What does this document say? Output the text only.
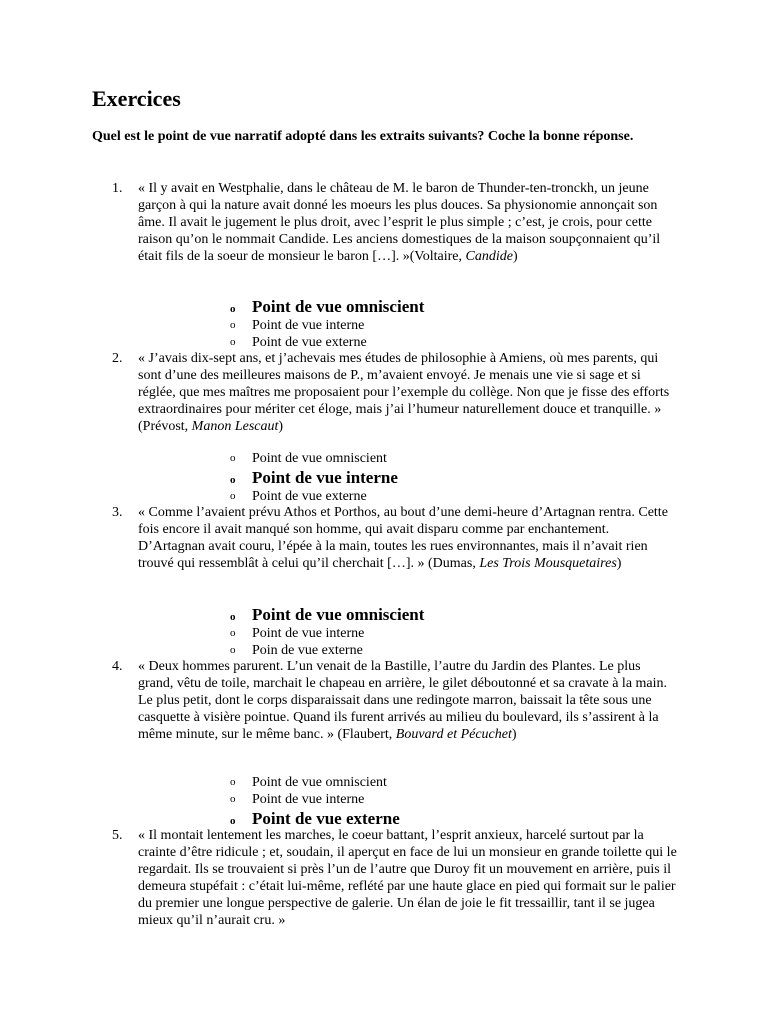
Exercices
Quel est le point de vue narratif adopté dans les extraits suivants? Coche la bonne réponse.
1. « Il y avait en Westphalie, dans le château de M. le baron de Thunder-ten-tronckh, un jeune garçon à qui la nature avait donné les moeurs les plus douces. Sa physionomie annonçait son âme. Il avait le jugement le plus droit, avec l’esprit le plus simple ; c’est, je crois, pour cette raison qu’on le nommait Candide. Les anciens domestiques de la maison soupçonnaient qu’il était fils de la soeur de monsieur le baron […]. »(Voltaire, Candide)
o Point de vue omniscient
o Point de vue interne
o Point de vue externe
2. « J’avais dix-sept ans, et j’achevais mes études de philosophie à Amiens, où mes parents, qui sont d’une des meilleures maisons de P., m’avaient envoyé. Je menais une vie si sage et si réglée, que mes maîtres me proposaient pour l’exemple du collège. Non que je fisse des efforts extraordinaires pour mériter cet éloge, mais j’ai l’humeur naturellement douce et tranquille. » (Prévost, Manon Lescaut)
o Point de vue omniscient
o Point de vue interne
o Point de vue externe
3. « Comme l’avaient prévu Athos et Porthos, au bout d’une demi-heure d’Artagnan rentra. Cette fois encore il avait manqué son homme, qui avait disparu comme par enchantement. D’Artagnan avait couru, l’épée à la main, toutes les rues environnantes, mais il n’avait rien trouvé qui ressemblât à celui qu’il cherchait […]. » (Dumas, Les Trois Mousquetaires)
o Point de vue omniscient
o Point de vue interne
o Poin de vue externe
4. « Deux hommes parurent. L’un venait de la Bastille, l’autre du Jardin des Plantes. Le plus grand, vêtu de toile, marchait le chapeau en arrière, le gilet déboutonné et sa cravate à la main. Le plus petit, dont le corps disparaissait dans une redingote marron, baissait la tête sous une casquette à visière pointue. Quand ils furent arrivés au milieu du boulevard, ils s’assirent à la même minute, sur le même banc. » (Flaubert, Bouvard et Pécuchet)
o Point de vue omniscient
o Point de vue interne
o Point de vue externe
5. « Il montait lentement les marches, le coeur battant, l’esprit anxieux, harcelé surtout par la crainte d’être ridicule ; et, soudain, il aperçut en face de lui un monsieur en grande toilette qui le regardait. Ils se trouvaient si près l’un de l’autre que Duroy fit un mouvement en arrière, puis il demeura stupéfait : c’était lui-même, reflété par une haute glace en pied qui formait sur le palier du premier une longue perspective de galerie. Un élan de joie le fit tressaillir, tant il se jugea mieux qu’il n’aurait cru. »
